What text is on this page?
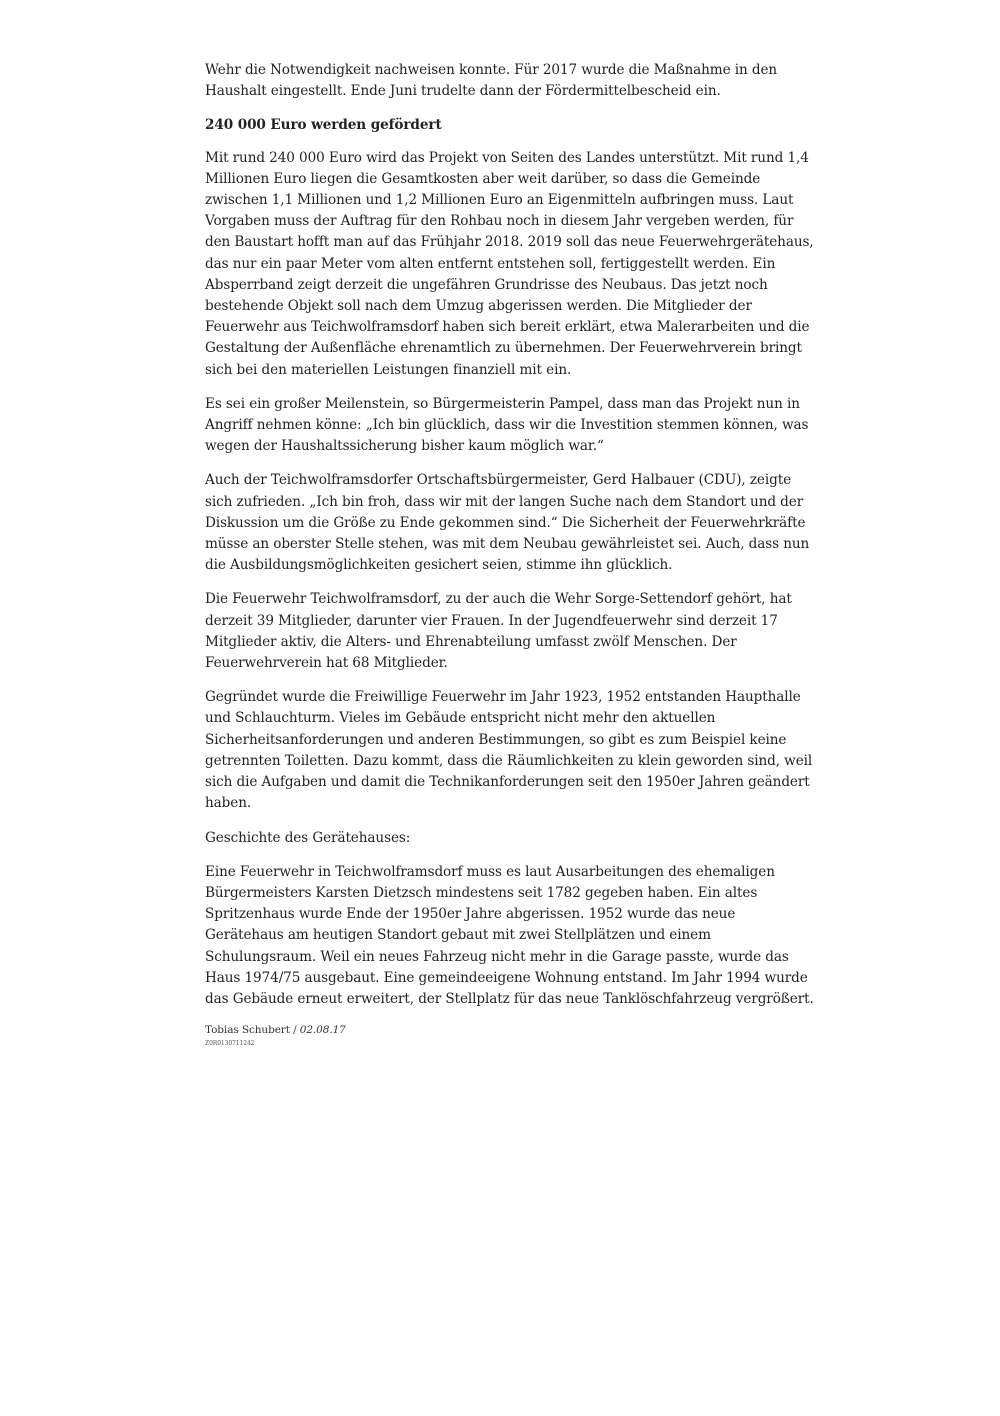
Wehr die Notwendigkeit nachweisen konnte. Für 2017 wurde die Maßnahme in den Haushalt eingestellt. Ende Juni trudelte dann der Fördermittelbescheid ein.

240 000 Euro werden gefördert

Mit rund 240 000 Euro wird das Projekt von Seiten des Landes unterstützt. Mit rund 1,4 Millionen Euro liegen die Gesamtkosten aber weit darüber, so dass die Gemeinde zwischen 1,1 Millionen und 1,2 Millionen Euro an Eigenmitteln aufbringen muss. Laut Vorgaben muss der Auftrag für den Rohbau noch in diesem Jahr vergeben werden, für den Baustart hofft man auf das Frühjahr 2018. 2019 soll das neue Feuerwehrgerätehaus, das nur ein paar Meter vom alten entfernt entstehen soll, fertiggestellt werden. Ein Absperrband zeigt derzeit die ungefähren Grundrisse des Neubaus. Das jetzt noch bestehende Objekt soll nach dem Umzug abgerissen werden. Die Mitglieder der Feuerwehr aus Teichwolframsdorf haben sich bereit erklärt, etwa Malerarbeiten und die Gestaltung der Außenfläche ehrenamtlich zu übernehmen. Der Feuerwehrverein bringt sich bei den materiellen Leistungen finanziell mit ein.

Es sei ein großer Meilenstein, so Bürgermeisterin Pampel, dass man das Projekt nun in Angriff nehmen könne: „Ich bin glücklich, dass wir die Investition stemmen können, was wegen der Haushaltssicherung bisher kaum möglich war.“

Auch der Teichwolframsdorfer Ortschaftsbürgermeister, Gerd Halbauer (CDU), zeigte sich zufrieden. „Ich bin froh, dass wir mit der langen Suche nach dem Standort und der Diskussion um die Größe zu Ende gekommen sind.“ Die Sicherheit der Feuerwehrkräfte müsse an oberster Stelle stehen, was mit dem Neubau gewährleistet sei. Auch, dass nun die Ausbildungsmöglichkeiten gesichert seien, stimme ihn glücklich.

Die Feuerwehr Teichwolframsdorf, zu der auch die Wehr Sorge-Settendorf gehört, hat derzeit 39 Mitglieder, darunter vier Frauen. In der Jugendfeuerwehr sind derzeit 17 Mitglieder aktiv, die Alters- und Ehrenabteilung umfasst zwölf Menschen. Der Feuerwehrverein hat 68 Mitglieder.

Gegründet wurde die Freiwillige Feuerwehr im Jahr 1923, 1952 entstanden Haupthalle und Schlauchturm. Vieles im Gebäude entspricht nicht mehr den aktuellen Sicherheitsanforderungen und anderen Bestimmungen, so gibt es zum Beispiel keine getrennten Toiletten. Dazu kommt, dass die Räumlichkeiten zu klein geworden sind, weil sich die Aufgaben und damit die Technikanforderungen seit den 1950er Jahren geändert haben.

Geschichte des Gerätehauses:

Eine Feuerwehr in Teichwolframsdorf muss es laut Ausarbeitungen des ehemaligen Bürgermeisters Karsten Dietzsch mindestens seit 1782 gegeben haben. Ein altes Spritzenhaus wurde Ende der 1950er Jahre abgerissen. 1952 wurde das neue Gerätehaus am heutigen Standort gebaut mit zwei Stellplätzen und einem Schulungsraum. Weil ein neues Fahrzeug nicht mehr in die Garage passte, wurde das Haus 1974/75 ausgebaut. Eine gemeindeeigene Wohnung entstand. Im Jahr 1994 wurde das Gebäude erneut erweitert, der Stellplatz für das neue Tanklöschfahrzeug vergrößert.

Tobias Schubert / 02.08.17
Z0R0130711242
